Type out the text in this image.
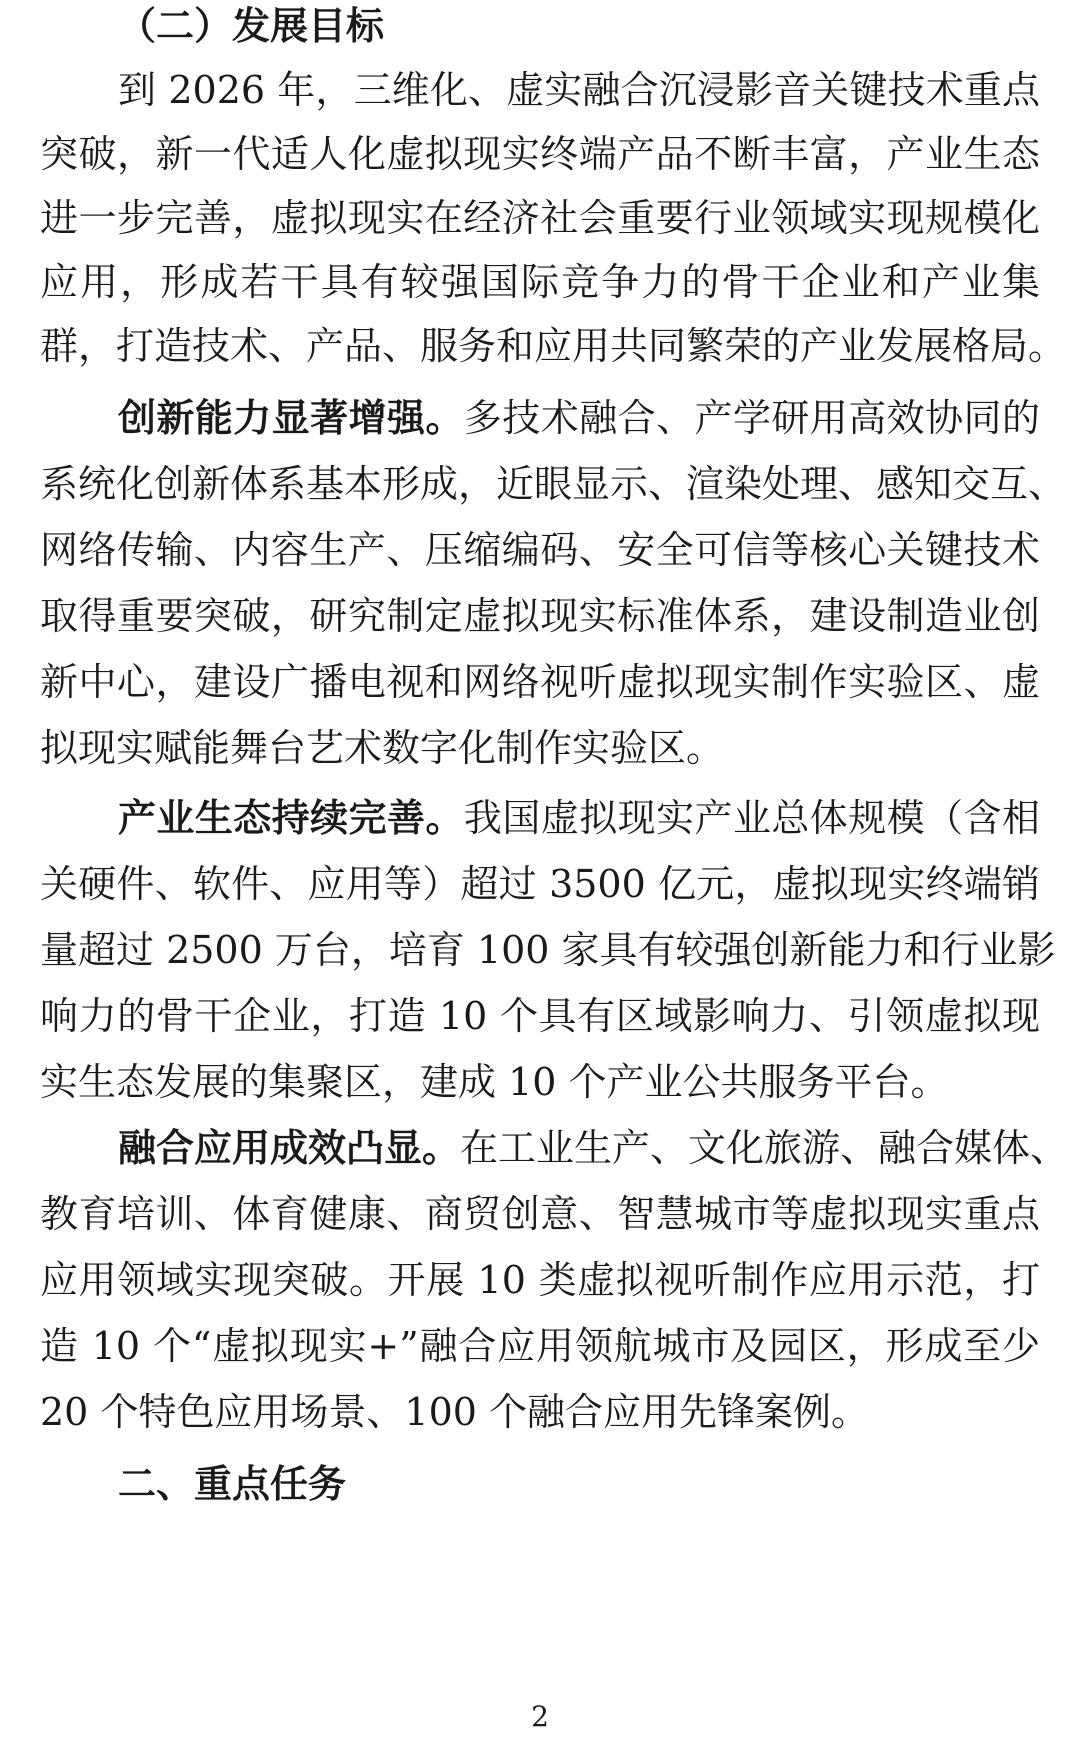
（二）发展目标
到 2026 年，三维化、虚实融合沉浸影音关键技术重点
突破，新一代适人化虚拟现实终端产品不断丰富，产业生态
进一步完善，虚拟现实在经济社会重要行业领域实现规模化
应用，形成若干具有较强国际竞争力的骨干企业和产业集
群，打造技术、产品、服务和应用共同繁荣的产业发展格局。
创新能力显著增强。多技术融合、产学研用高效协同的
系统化创新体系基本形成，近眼显示、渲染处理、感知交互、
网络传输、内容生产、压缩编码、安全可信等核心关键技术
取得重要突破，研究制定虚拟现实标准体系，建设制造业创
新中心，建设广播电视和网络视听虚拟现实制作实验区、虚
拟现实赋能舞台艺术数字化制作实验区。
产业生态持续完善。我国虚拟现实产业总体规模（含相
关硬件、软件、应用等）超过 3500 亿元，虚拟现实终端销
量超过 2500 万台，培育 100 家具有较强创新能力和行业影
响力的骨干企业，打造 10 个具有区域影响力、引领虚拟现
实生态发展的集聚区，建成 10 个产业公共服务平台。
融合应用成效凸显。在工业生产、文化旅游、融合媒体、
教育培训、体育健康、商贸创意、智慧城市等虚拟现实重点
应用领域实现突破。开展 10 类虚拟视听制作应用示范，打
造 10 个“虚拟现实+”融合应用领航城市及园区，形成至少
20 个特色应用场景、100 个融合应用先锋案例。
二、重点任务
2
